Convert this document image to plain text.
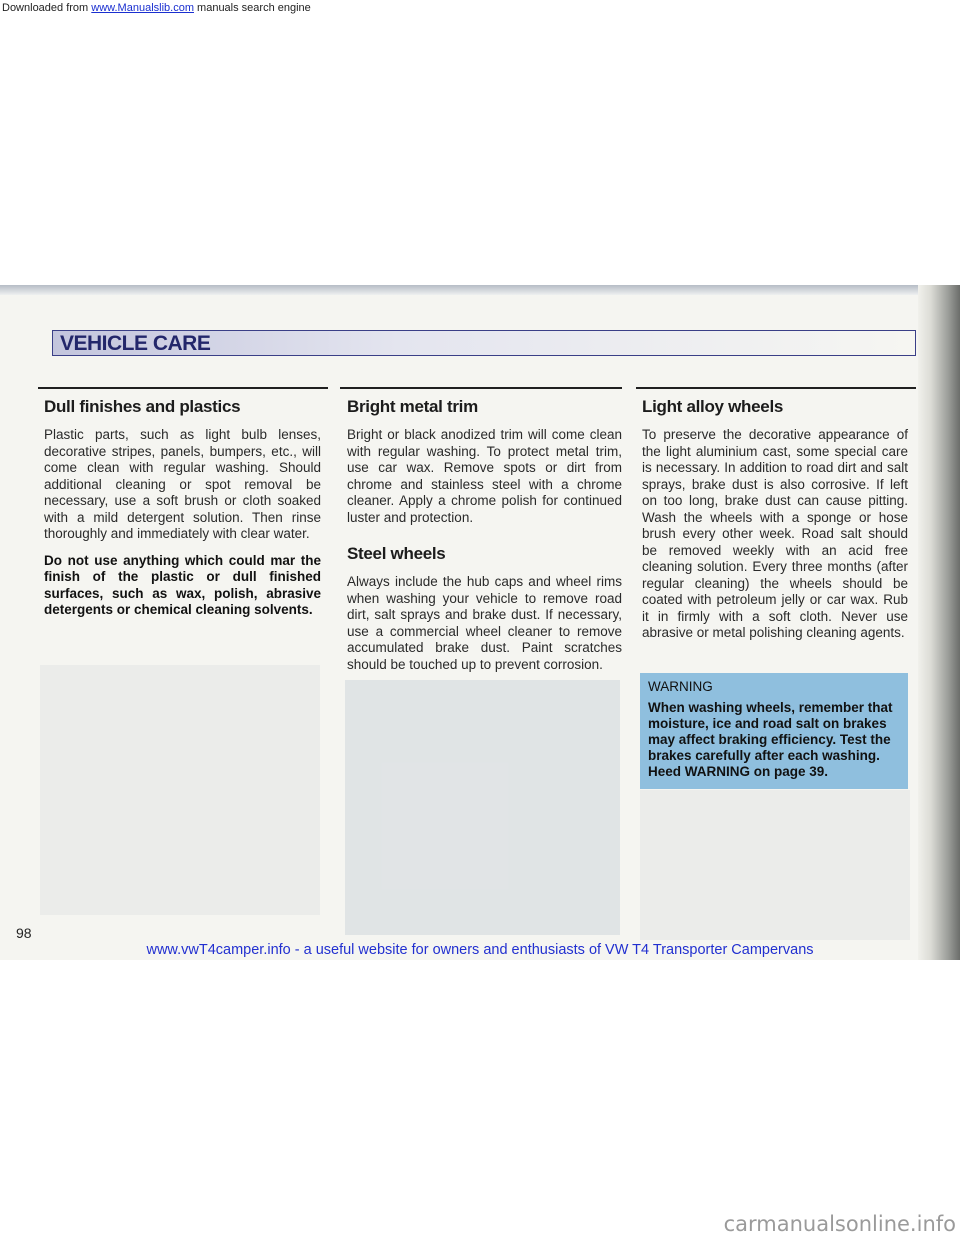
Downloaded from www.Manualslib.com manuals search engine
VEHICLE CARE
Dull finishes and plastics

Plastic parts, such as light bulb lenses, decorative stripes, panels, bumpers, etc., will come clean with regular washing. Should additional cleaning or spot removal be necessary, use a soft brush or cloth soaked with a mild detergent solution. Then rinse thoroughly and immediately with clear water.

Do not use anything which could mar the finish of the plastic or dull finished surfaces, such as wax, polish, abrasive detergents or chemical cleaning solvents.

Bright metal trim

Bright or black anodized trim will come clean with regular washing. To protect metal trim, use car wax. Remove spots or dirt from chrome and stainless steel with a chrome cleaner. Apply a chrome polish for continued luster and protection.

Steel wheels

Always include the hub caps and wheel rims when washing your vehicle to remove road dirt, salt sprays and brake dust. If necessary, use a commercial wheel cleaner to remove accumulated brake dust. Paint scratches should be touched up to prevent corrosion.

Light alloy wheels

To preserve the decorative appearance of the light aluminium cast, some special care is necessary. In addition to road dirt and salt sprays, brake dust is also corrosive. If left on too long, brake dust can cause pitting. Wash the wheels with a sponge or hose brush every other week. Road salt should be removed weekly with an acid free cleaning solution. Every three months (after regular cleaning) the wheels should be coated with petroleum jelly or car wax. Rub it in firmly with a soft cloth. Never use abrasive or metal polishing cleaning agents.

WARNING
When washing wheels, remember that moisture, ice and road salt on brakes may affect braking efficiency. Test the brakes carefully after each washing. Heed WARNING on page 39.
98
www.vwT4camper.info - a useful website for owners and enthusiasts of VW T4 Transporter Campervans
carmanualsonline.info
